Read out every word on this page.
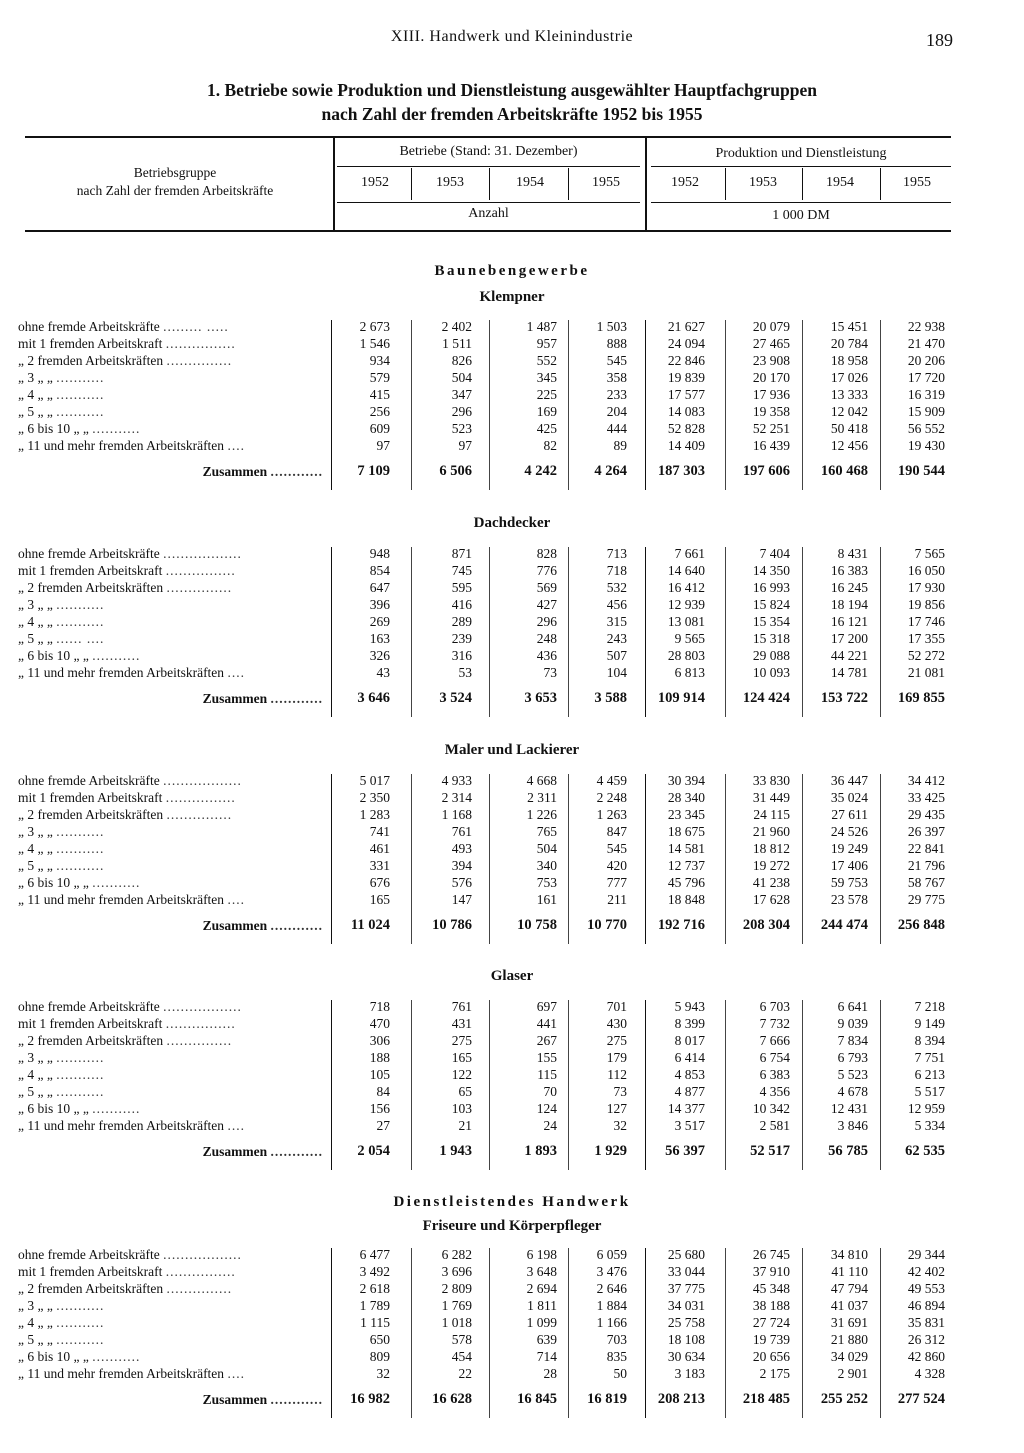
XIII. Handwerk und Kleinindustrie	189
1. Betriebe sowie Produktion und Dienstleistung ausgewählter Hauptfachgruppen
nach Zahl der fremden Arbeitskräfte 1952 bis 1955
Betriebsgruppe
nach Zahl der fremden Arbeitskräfte
Betriebe (Stand: 31. Dezember)	Produktion und Dienstleistung
1952	1953	1954	1955	1952	1953	1954	1955
Anzahl	1 000 DM
Baunebengewerbe
Klempner
ohne fremde Arbeitskräfte ......... .....	2 673	2 402	1 487	1 503	21 627	20 079	15 451	22 938
mit 1 fremden Arbeitskraft ................	1 546	1 511	957	888	24 094	27 465	20 784	21 470
„ 2 fremden Arbeitskräften ...............	934	826	552	545	22 846	23 908	18 958	20 206
„ 3 „ „ ...........	579	504	345	358	19 839	20 170	17 026	17 720
„ 4 „ „ ...........	415	347	225	233	17 577	17 936	13 333	16 319
„ 5 „ „ ...........	256	296	169	204	14 083	19 358	12 042	15 909
„ 6 bis 10 „ „ ...........	609	523	425	444	52 828	52 251	50 418	56 552
„ 11 und mehr fremden Arbeitskräften ....	97	97	82	89	14 409	16 439	12 456	19 430
Zusammen ............	7 109	6 506	4 242	4 264	187 303	197 606	160 468	190 544
Dachdecker
ohne fremde Arbeitskräfte ..................	948	871	828	713	7 661	7 404	8 431	7 565
mit 1 fremden Arbeitskraft ................	854	745	776	718	14 640	14 350	16 383	16 050
„ 2 fremden Arbeitskräften ...............	647	595	569	532	16 412	16 993	16 245	17 930
„ 3 „ „ ...........	396	416	427	456	12 939	15 824	18 194	19 856
„ 4 „ „ ...........	269	289	296	315	13 081	15 354	16 121	17 746
„ 5 „ „ ...... ....	163	239	248	243	9 565	15 318	17 200	17 355
„ 6 bis 10 „ „ ...........	326	316	436	507	28 803	29 088	44 221	52 272
„ 11 und mehr fremden Arbeitskräften ....	43	53	73	104	6 813	10 093	14 781	21 081
Zusammen ............	3 646	3 524	3 653	3 588	109 914	124 424	153 722	169 855
Maler und Lackierer
ohne fremde Arbeitskräfte ..................	5 017	4 933	4 668	4 459	30 394	33 830	36 447	34 412
mit 1 fremden Arbeitskraft ................	2 350	2 314	2 311	2 248	28 340	31 449	35 024	33 425
„ 2 fremden Arbeitskräften ...............	1 283	1 168	1 226	1 263	23 345	24 115	27 611	29 435
„ 3 „ „ ...........	741	761	765	847	18 675	21 960	24 526	26 397
„ 4 „ „ ...........	461	493	504	545	14 581	18 812	19 249	22 841
„ 5 „ „ ...........	331	394	340	420	12 737	19 272	17 406	21 796
„ 6 bis 10 „ „ ...........	676	576	753	777	45 796	41 238	59 753	58 767
„ 11 und mehr fremden Arbeitskräften ....	165	147	161	211	18 848	17 628	23 578	29 775
Zusammen ............	11 024	10 786	10 758	10 770	192 716	208 304	244 474	256 848
Glaser
ohne fremde Arbeitskräfte ..................	718	761	697	701	5 943	6 703	6 641	7 218
mit 1 fremden Arbeitskraft ................	470	431	441	430	8 399	7 732	9 039	9 149
„ 2 fremden Arbeitskräften ...............	306	275	267	275	8 017	7 666	7 834	8 394
„ 3 „ „ ...........	188	165	155	179	6 414	6 754	6 793	7 751
„ 4 „ „ ...........	105	122	115	112	4 853	6 383	5 523	6 213
„ 5 „ „ ...........	84	65	70	73	4 877	4 356	4 678	5 517
„ 6 bis 10 „ „ ...........	156	103	124	127	14 377	10 342	12 431	12 959
„ 11 und mehr fremden Arbeitskräften ....	27	21	24	32	3 517	2 581	3 846	5 334
Zusammen ............	2 054	1 943	1 893	1 929	56 397	52 517	56 785	62 535
Dienstleistendes Handwerk
Friseure und Körperpfleger
ohne fremde Arbeitskräfte ..................	6 477	6 282	6 198	6 059	25 680	26 745	34 810	29 344
mit 1 fremden Arbeitskraft ................	3 492	3 696	3 648	3 476	33 044	37 910	41 110	42 402
„ 2 fremden Arbeitskräften ...............	2 618	2 809	2 694	2 646	37 775	45 348	47 794	49 553
„ 3 „ „ ...........	1 789	1 769	1 811	1 884	34 031	38 188	41 037	46 894
„ 4 „ „ ...........	1 115	1 018	1 099	1 166	25 758	27 724	31 691	35 831
„ 5 „ „ ...........	650	578	639	703	18 108	19 739	21 880	26 312
„ 6 bis 10 „ „ ...........	809	454	714	835	30 634	20 656	34 029	42 860
„ 11 und mehr fremden Arbeitskräften ....	32	22	28	50	3 183	2 175	2 901	4 328
Zusammen ............	16 982	16 628	16 845	16 819	208 213	218 485	255 252	277 524
